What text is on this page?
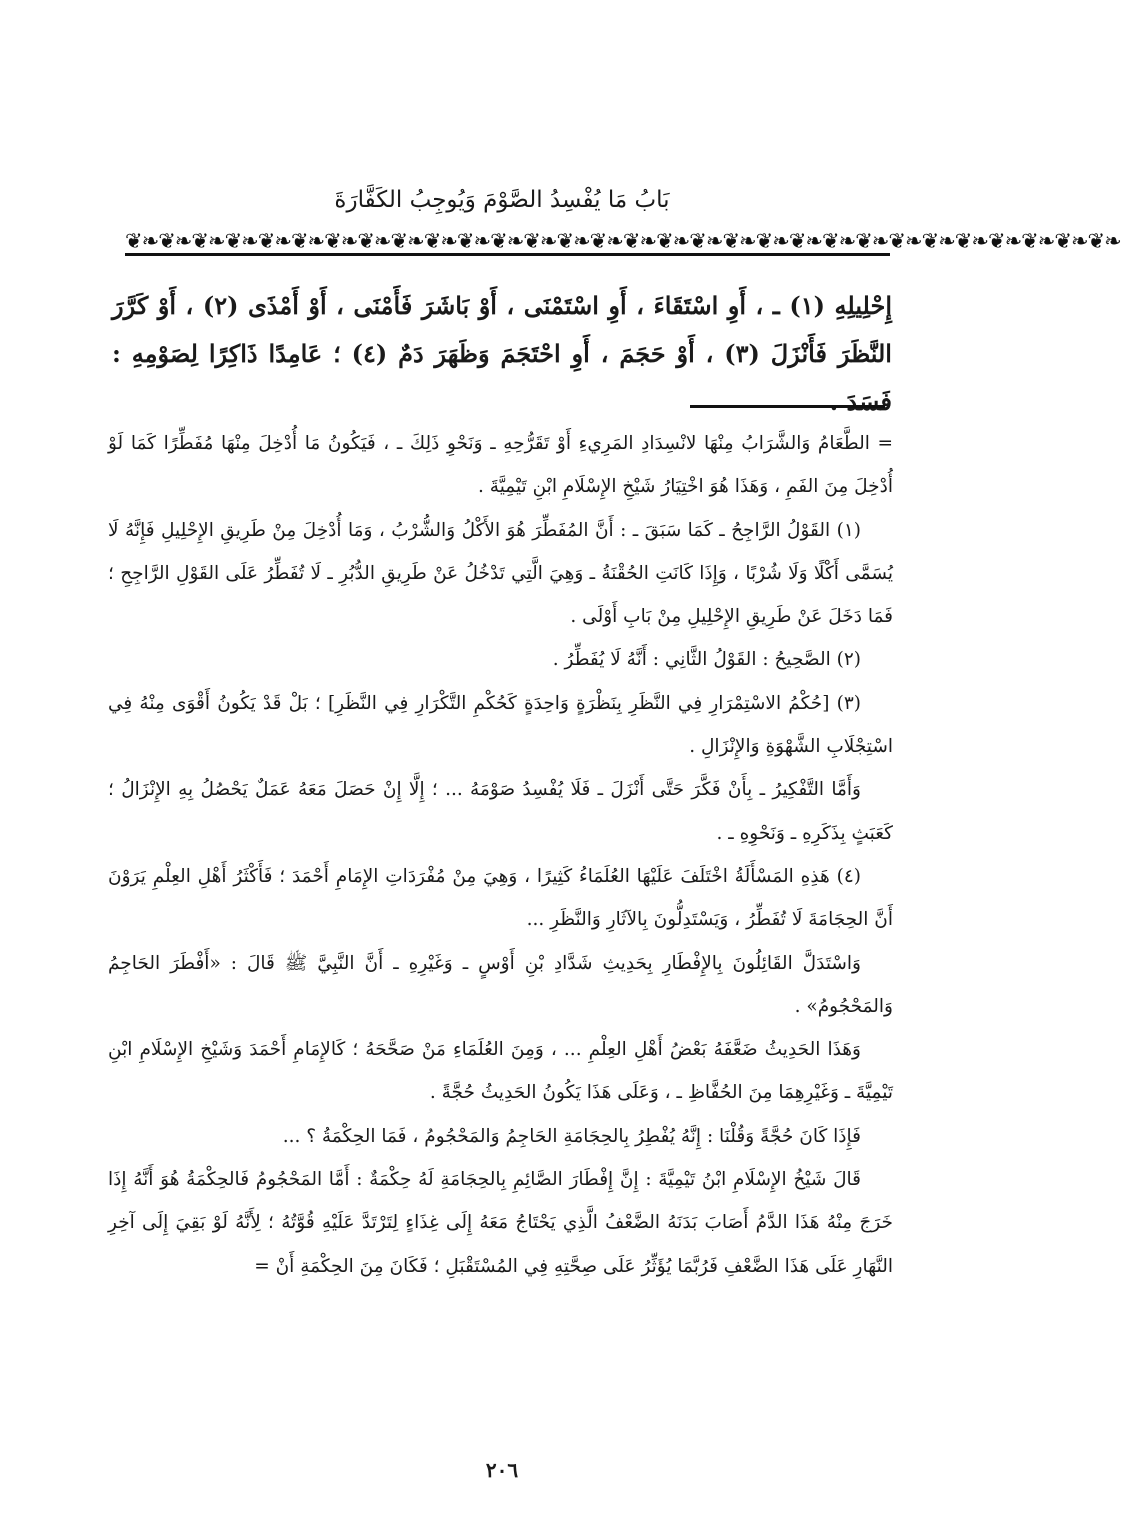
بَابُ مَا يُفْسِدُ الصَّوْمَ وَيُوجِبُ الكَفَّارَةَ
❦❧❦❧❦❧❦❧❦❧❦❧❦❧❦❧❦❧❦❧❦❧❦❧❦❧❦❧❦❧❦❧❦❧❦❧❦❧❦❧❦❧❦❧❦❧❦❧❦❧❦❧❦❧❦❧❦❧❦❧

إِحْلِيلِهِ (١) ـ ، أَوِ اسْتَقَاءَ ، أَوِ اسْتَمْنَى ، أَوْ بَاشَرَ فَأَمْنَى ، أَوْ أَمْذَى (٢) ، أَوْ كَرَّرَ النَّظَرَ فَأَنْزَلَ (٣) ، أَوْ حَجَمَ ، أَوِ احْتَجَمَ وَظَهَرَ دَمٌ (٤) ؛ عَامِدًا ذَاكِرًا لِصَوْمِهِ : فَسَدَ .

= الطَّعَامُ وَالشَّرَابُ مِنْهَا لانْسِدَادِ المَرِيءِ أَوْ تَقَرُّحِهِ ـ وَنَحْوِ ذَلِكَ ـ ، فَيَكُونُ مَا أُدْخِلَ مِنْهَا مُفَطِّرًا كَمَا لَوْ أُدْخِلَ مِنَ الفَمِ ، وَهَذَا هُوَ اخْتِيَارُ شَيْخِ الإِسْلَامِ ابْنِ تَيْمِيَّةَ .

(١) القَوْلُ الرَّاجِحُ ـ كَمَا سَبَقَ ـ : أَنَّ المُفَطِّرَ هُوَ الأَكْلُ وَالشُّرْبُ ، وَمَا أُدْخِلَ مِنْ طَرِيقِ الإِحْلِيلِ فَإِنَّهُ لَا يُسَمَّى أَكْلًا وَلَا شُرْبًا ، وَإِذَا كَانَتِ الحُقْنَةُ ـ وَهِيَ الَّتِي تَدْخُلُ عَنْ طَرِيقِ الدُّبُرِ ـ لَا تُفَطِّرُ عَلَى القَوْلِ الرَّاجِحِ ؛ فَمَا دَخَلَ عَنْ طَرِيقِ الإِحْلِيلِ مِنْ بَابِ أَوْلَى .

(٢) الصَّحِيحُ : القَوْلُ الثَّانِي : أَنَّهُ لَا يُفَطِّرُ .

(٣) [حُكْمُ الاسْتِمْرَارِ فِي النَّظَرِ بِنَظْرَةٍ وَاحِدَةٍ كَحُكْمِ التَّكْرَارِ فِي النَّظَرِ] ؛ بَلْ قَدْ يَكُونُ أَقْوَى مِنْهُ فِي اسْتِجْلَابِ الشَّهْوَةِ وَالإِنْزَالِ .

وَأَمَّا التَّفْكِيرُ ـ بِأَنْ فَكَّرَ حَتَّى أَنْزَلَ ـ فَلَا يُفْسِدُ صَوْمَهُ ... ؛ إِلَّا إِنْ حَصَلَ مَعَهُ عَمَلٌ يَحْصُلُ بِهِ الإِنْزَالُ ؛ كَعَبَثٍ بِذَكَرِهِ ـ وَنَحْوِهِ ـ .

(٤) هَذِهِ المَسْأَلَةُ اخْتَلَفَ عَلَيْهَا العُلَمَاءُ كَثِيرًا ، وَهِيَ مِنْ مُفْرَدَاتِ الإِمَامِ أَحْمَدَ ؛ فَأَكْثَرُ أَهْلِ العِلْمِ يَرَوْنَ أَنَّ الحِجَامَةَ لَا تُفَطِّرُ ، وَيَسْتَدِلُّونَ بِالآثَارِ وَالنَّظَرِ ...

وَاسْتَدَلَّ القَائِلُونَ بِالإِفْطَارِ بِحَدِيثِ شَدَّادِ بْنِ أَوْسٍ ـ وَغَيْرِهِ ـ أَنَّ النَّبِيَّ ﷺ قَالَ : «أَفْطَرَ الحَاجِمُ وَالمَحْجُومُ» .

وَهَذَا الحَدِيثُ ضَعَّفَهُ بَعْضُ أَهْلِ العِلْمِ ... ، وَمِنَ العُلَمَاءِ مَنْ صَحَّحَهُ ؛ كَالإِمَامِ أَحْمَدَ وَشَيْخِ الإِسْلَامِ ابْنِ تَيْمِيَّةَ ـ وَغَيْرِهِمَا مِنَ الحُفَّاظِ ـ ، وَعَلَى هَذَا يَكُونُ الحَدِيثُ حُجَّةً .

فَإِذَا كَانَ حُجَّةً وَقُلْنَا : إِنَّهُ يُفْطِرُ بِالحِجَامَةِ الحَاجِمُ وَالمَحْجُومُ ، فَمَا الحِكْمَةُ ؟ ...

قَالَ شَيْخُ الإِسْلَامِ ابْنُ تَيْمِيَّةَ : إِنَّ إِفْطَارَ الصَّائِمِ بِالحِجَامَةِ لَهُ حِكْمَةٌ : أَمَّا المَحْجُومُ فَالحِكْمَةُ هُوَ أَنَّهُ إِذَا خَرَجَ مِنْهُ هَذَا الدَّمُ أَصَابَ بَدَنَهُ الضَّعْفُ الَّذِي يَحْتَاجُ مَعَهُ إِلَى غِذَاءٍ لِتَرْتَدَّ عَلَيْهِ قُوَّتُهُ ؛ لِأَنَّهُ لَوْ بَقِيَ إِلَى آخِرِ النَّهَارِ عَلَى هَذَا الضَّعْفِ فَرُبَّمَا يُؤَثِّرُ عَلَى صِحَّتِهِ فِي المُسْتَقْبَلِ ؛ فَكَانَ مِنَ الحِكْمَةِ أَنْ =

٢٠٦
